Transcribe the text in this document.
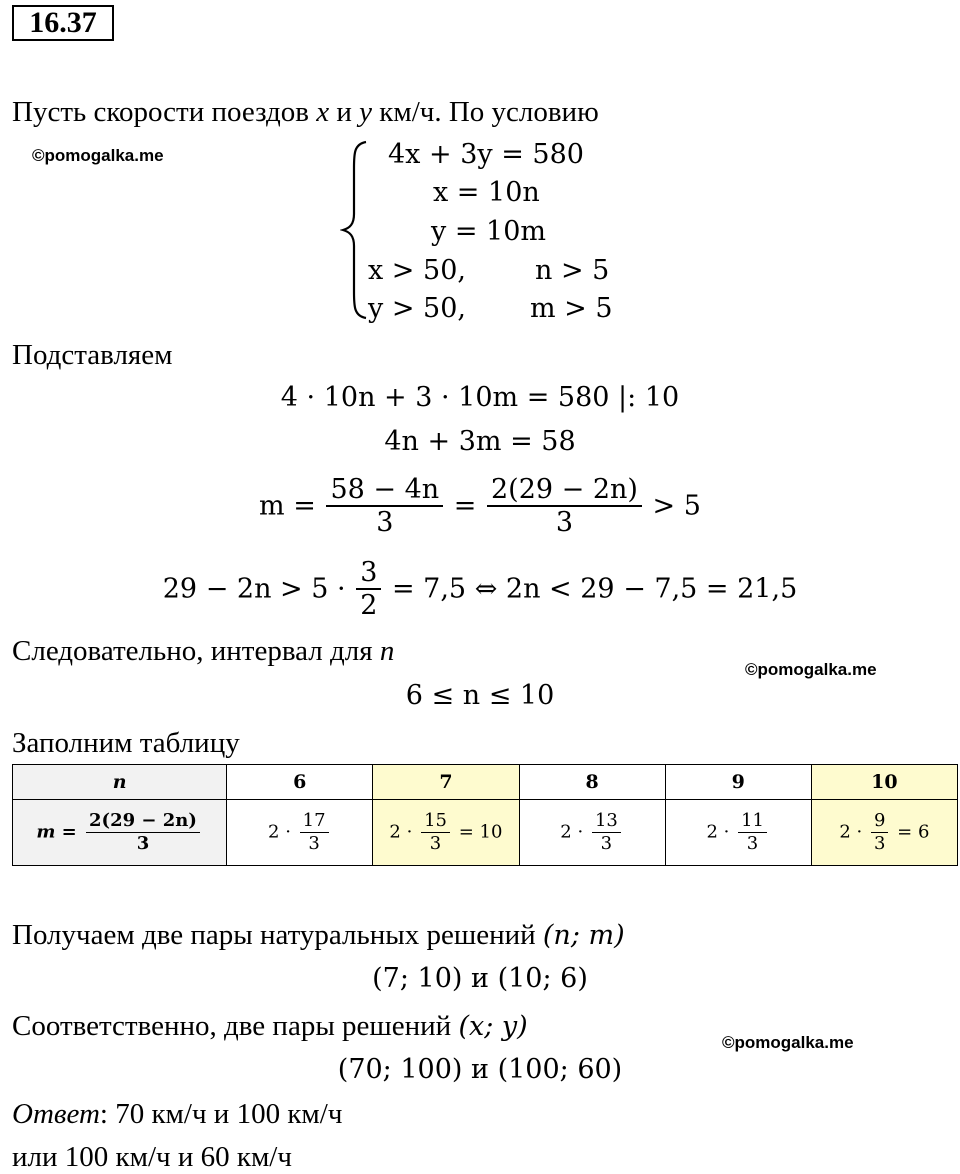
16.37
Пусть скорости поездов x и y км/ч. По условию
©pomogalka.me	4x + 3y = 580
x = 10n
y = 10m
x > 50,	n > 5
y > 50, m > 5
Подставляем
4 · 10n + 3 · 10m = 580 |: 10
4n + 3m = 58
$m = \frac{58 - 4n}{3} = \frac{2(29 - 2n)}{3} > 5$
$29 - 2n > 5 \cdot \frac{3}{2} = 7,5$ ⇔ 2n < 29 − 7,5 = 21,5
Следовательно, интервал для n
©pomogalka.me
6 ≤ n ≤ 10
Заполним таблицу
n	6	7	8	9	10
$m = \frac{2(29 - 2n)}{3}$	$2 \cdot \frac{17}{3}$	$2 \cdot \frac{15}{3} = 10$	$2 \cdot \frac{13}{3}$	$2 \cdot \frac{11}{3}$	$2 \cdot \frac{9}{3} = 6$
Получаем две пары натуральных решений (n; m)
(7; 10) и (10; 6)
Соответственно, две пары решений (x; y)
©pomogalka.me
(70; 100) и (100; 60)
Ответ: 70 км/ч и 100 км/ч
или 100 км/ч и 60 км/ч
